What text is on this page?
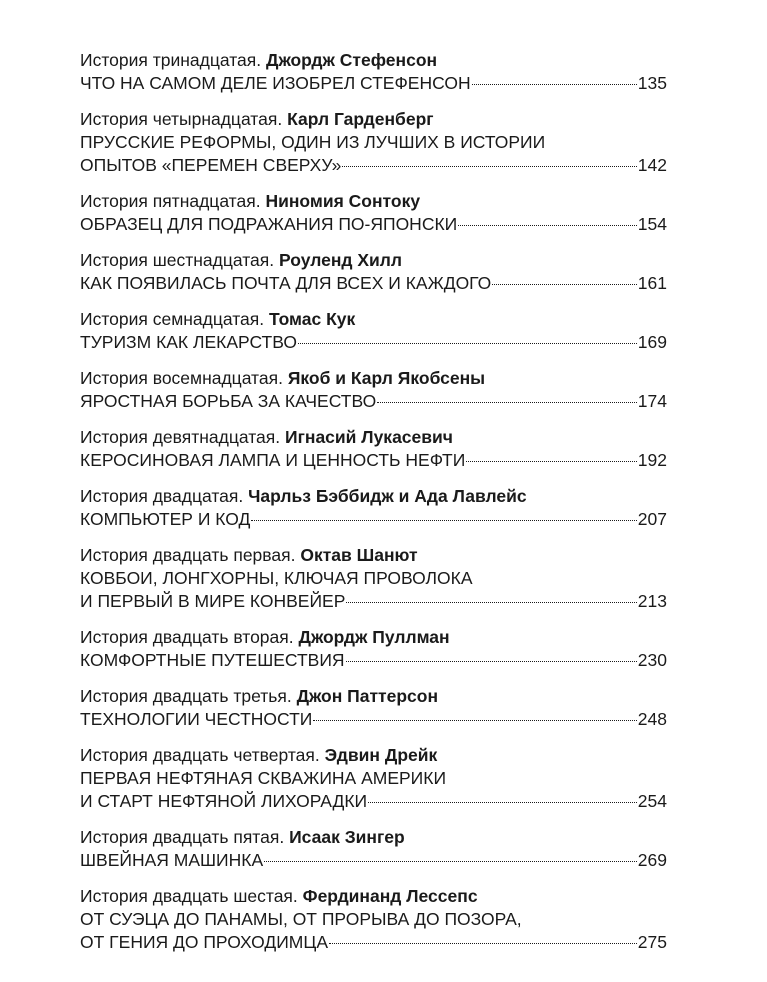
История тринадцатая. Джордж Стефенсон
ЧТО НА САМОМ ДЕЛЕ ИЗОБРЕЛ СТЕФЕНСОН	135
История четырнадцатая. Карл Гарденберг
ПРУССКИЕ РЕФОРМЫ, ОДИН ИЗ ЛУЧШИХ В ИСТОРИИ
ОПЫТОВ «ПЕРЕМЕН СВЕРХУ»	142
История пятнадцатая. Ниномия Сонтоку
ОБРАЗЕЦ ДЛЯ ПОДРАЖАНИЯ ПО-ЯПОНСКИ	154
История шестнадцатая. Роуленд Хилл
КАК ПОЯВИЛАСЬ ПОЧТА ДЛЯ ВСЕХ И КАЖДОГО	161
История семнадцатая. Томас Кук
ТУРИЗМ КАК ЛЕКАРСТВО	169
История восемнадцатая. Якоб и Карл Якобсены
ЯРОСТНАЯ БОРЬБА ЗА КАЧЕСТВО	174
История девятнадцатая. Игнасий Лукасевич
КЕРОСИНОВАЯ ЛАМПА И ЦЕННОСТЬ НЕФТИ	192
История двадцатая. Чарльз Бэббидж и Ада Лавлейс
КОМПЬЮТЕР И КОД	207
История двадцать первая. Октав Шанют
КОВБОИ, ЛОНГХОРНЫ, КЛЮЧАЯ ПРОВОЛОКА
И ПЕРВЫЙ В МИРЕ КОНВЕЙЕР	213
История двадцать вторая. Джордж Пуллман
КОМФОРТНЫЕ ПУТЕШЕСТВИЯ	230
История двадцать третья. Джон Паттерсон
ТЕХНОЛОГИИ ЧЕСТНОСТИ	248
История двадцать четвертая. Эдвин Дрейк
ПЕРВАЯ НЕФТЯНАЯ СКВАЖИНА АМЕРИКИ
И СТАРТ НЕФТЯНОЙ ЛИХОРАДКИ	254
История двадцать пятая. Исаак Зингер
ШВЕЙНАЯ МАШИНКА	269
История двадцать шестая. Фердинанд Лессепс
ОТ СУЭЦА ДО ПАНАМЫ, ОТ ПРОРЫВА ДО ПОЗОРА,
ОТ ГЕНИЯ ДО ПРОХОДИМЦА	275
